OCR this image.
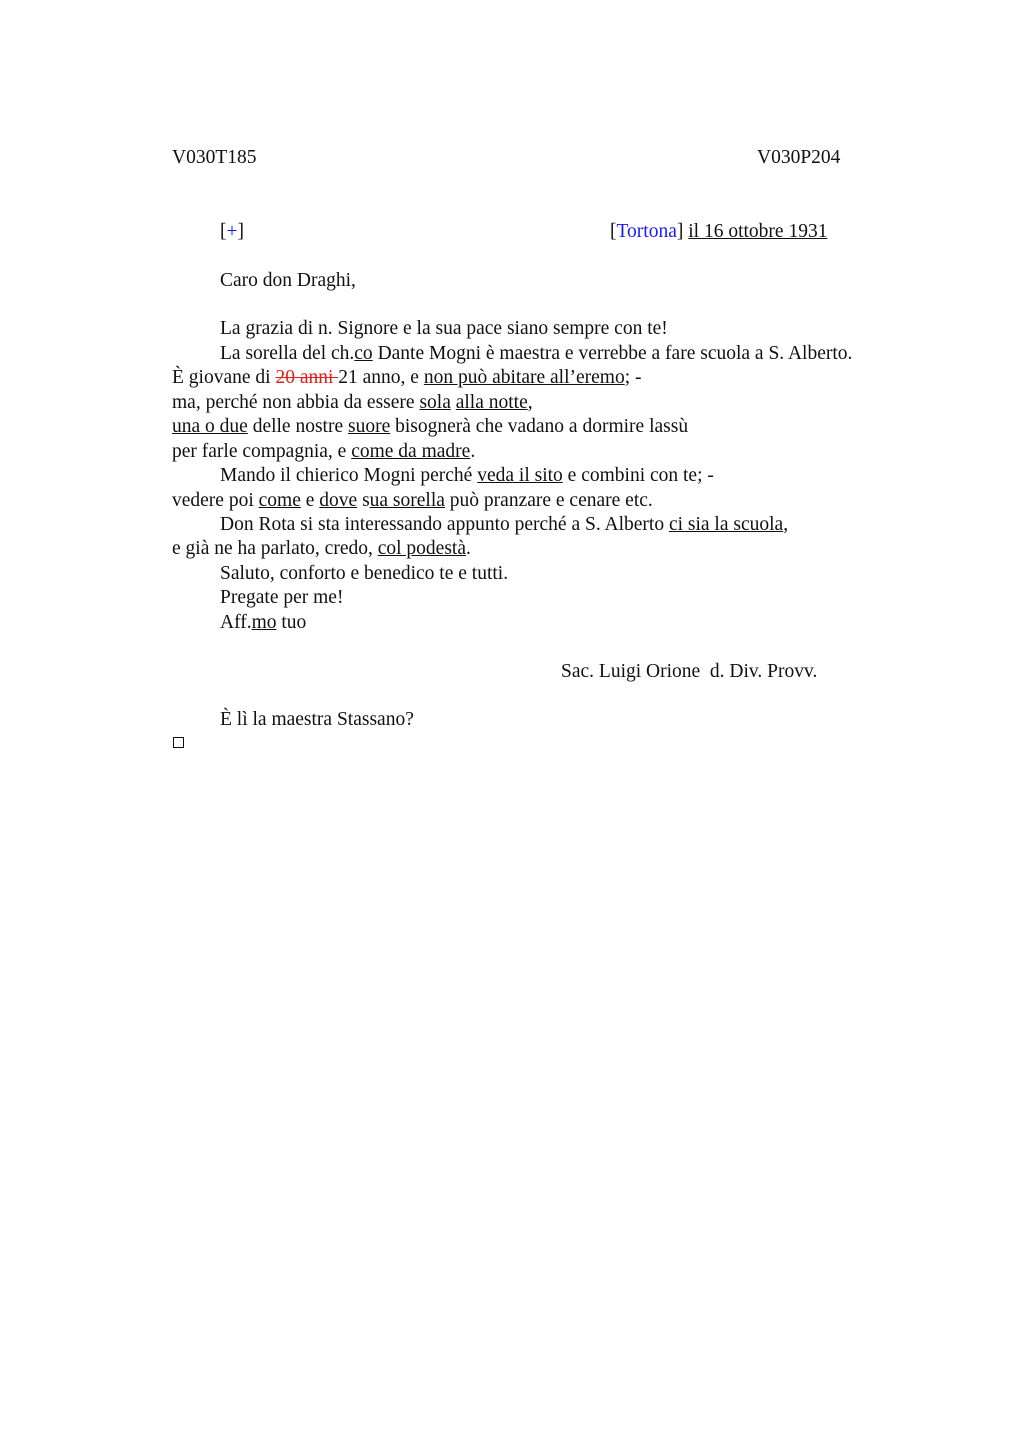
V030T185	V030P204
[+]	[Tortona] il 16 ottobre 1931
Caro don Draghi,
La grazia di n. Signore e la sua pace siano sempre con te!
La sorella del ch.co Dante Mogni è maestra e verrebbe a fare scuola a S. Alberto.
È giovane di 20 anni 21 anno, e non può abitare all’eremo; -
ma, perché non abbia da essere sola alla notte,
una o due delle nostre suore bisognerà che vadano a dormire lassù
per farle compagnia, e come da madre.
Mando il chierico Mogni perché veda il sito e combini con te; -
vedere poi come e dove sua sorella può pranzare e cenare etc.
Don Rota si sta interessando appunto perché a S. Alberto ci sia la scuola,
e già ne ha parlato, credo, col podestà.
Saluto, conforto e benedico te e tutti.
Pregate per me!
Aff.mo tuo
Sac. Luigi Orione  d. Div. Provv.
È lì la maestra Stassano?
